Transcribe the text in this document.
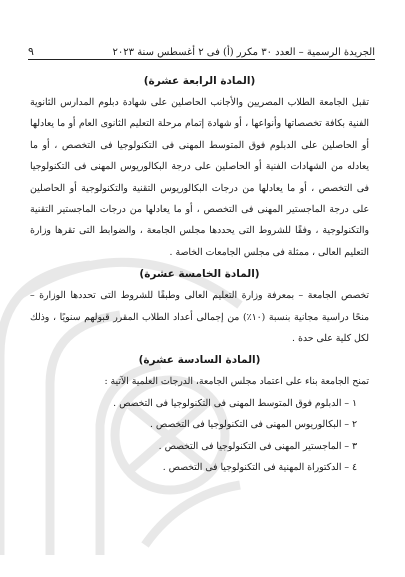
الجريدة الرسمية – العدد ٣٠ مكرر (أ) فى ٢ أغسطس سنة ٢٠٢٣
٩
(المادة الرابعة عشرة)

تقبل الجامعة الطلاب المصريين والأجانب الحاصلين على شهادة دبلوم المدارس الثانوية الفنية بكافة تخصصاتها وأنواعها ، أو شهادة إتمام مرحلة التعليم الثانوى العام أو ما يعادلها أو الحاصلين على الدبلوم فوق المتوسط المهنى فى التكنولوجيا فى التخصص ، أو ما يعادله من الشهادات الفنية أو الحاصلين على درجة البكالوريوس المهنى فى التكنولوجيا فى التخصص ، أو ما يعادلها من درجات البكالوريوس التقنية والتكنولوجية أو الحاصلين على درجة الماجستير المهنى فى التخصص ، أو ما يعادلها من درجات الماجستير التقنية والتكنولوجية ، وفقًا للشروط التى يحددها مجلس الجامعة ، والضوابط التى تقرها وزارة التعليم العالى ، ممثلة فى مجلس الجامعات الخاصة .

(المادة الخامسة عشرة)

تخصص الجامعة – بمعرفة وزارة التعليم العالى وطبقًا للشروط التى تحددها الوزارة – منحًا دراسية مجانية بنسبة (١٠٪) من إجمالى أعداد الطلاب المقرر قبولهم سنويًا ، وذلك لكل كلية على حدة .

(المادة السادسة عشرة)

تمنح الجامعة بناء على اعتماد مجلس الجامعة، الدرجات العلمية الآتية :

١ – الدبلوم فوق المتوسط المهنى فى التكنولوجيا فى التخصص .
٢ – البكالوريوس المهنى فى التكنولوجيا فى التخصص .
٣ – الماجستير المهنى فى التكنولوجيا فى التخصص .
٤ – الدكتوراة المهنية فى التكنولوجيا فى التخصص .
